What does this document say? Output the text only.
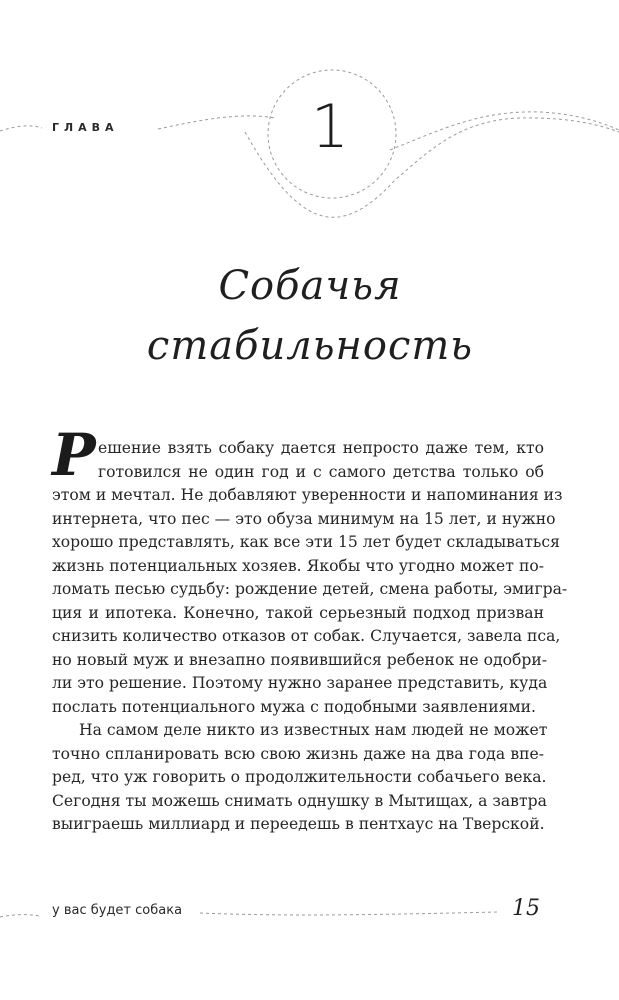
ГЛАВА	1
Собачья
стабильность
Р ешение взять собаку дается непросто даже тем, кто
готовился не один год и с самого детства только об
этом и мечтал. Не добавляют уверенности и напоминания из
интернета, что пес — это обуза минимум на 15 лет, и нужно
хорошо представлять, как все эти 15 лет будет складываться
жизнь потенциальных хозяев. Якобы что угодно может по-
ломать песью судьбу: рождение детей, смена работы, эмигра-
ция и ипотека. Конечно, такой серьезный подход призван
снизить количество отказов от собак. Случается, завела пса,
но новый муж и внезапно появившийся ребенок не одобри-
ли это решение. Поэтому нужно заранее представить, куда
послать потенциального мужа с подобными заявлениями.
На самом деле никто из известных нам людей не может
точно спланировать всю свою жизнь даже на два года впе-
ред, что уж говорить о продолжительности собачьего века.
Сегодня ты можешь снимать однушку в Мытищах, а завтра
выиграешь миллиард и переедешь в пентхаус на Тверской.
у вас будет собака	15
